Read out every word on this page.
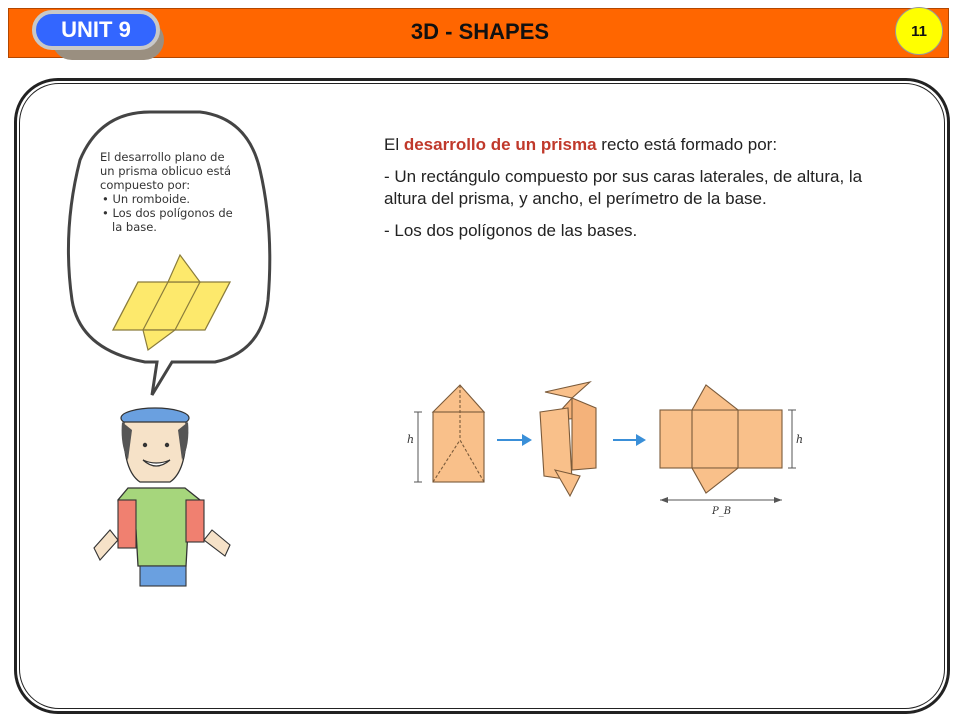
UNIT 9	3D - SHAPES	11
h	h
P_B
El desarrollo plano de un prisma oblicuo está compuesto por:
• Un romboide.
• Los dos polígonos de la base.

El desarrollo de un prisma recto está formado por:

- Un rectángulo compuesto por sus caras laterales, de altura, la altura del prisma, y ancho, el perímetro de la base.

- Los dos polígonos de las bases.
